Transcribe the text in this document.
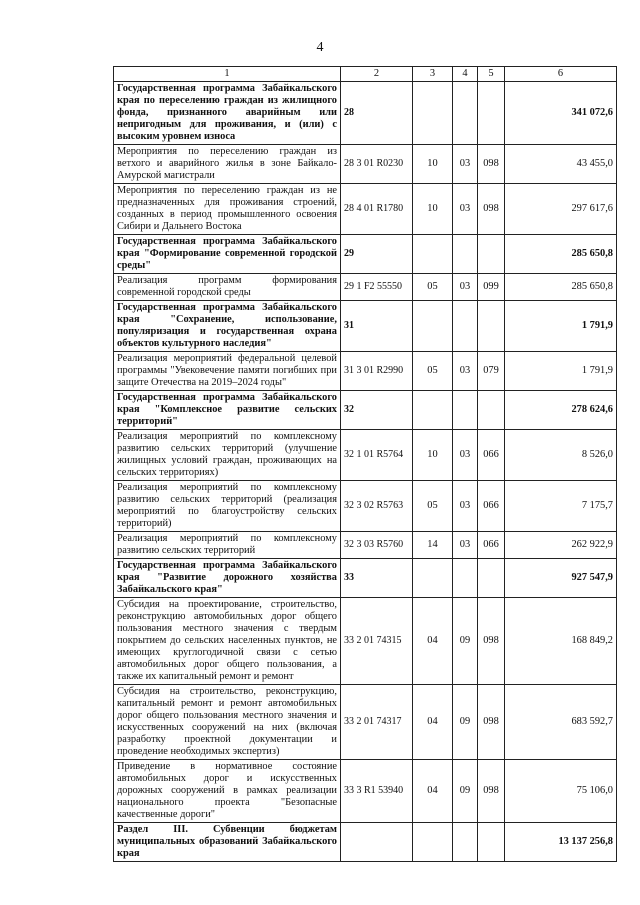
4
1	2	3	4	5	6
Государственная программа Забайкальского края по переселению граждан из жилищного фонда, признанного аварийным или непригодным для проживания, и (или) с высоким уровнем износа	28				341 072,6
Мероприятия по переселению граждан из ветхого и аварийного жилья в зоне Байкало-Амурской магистрали	28 3 01 R0230	10	03	098	43 455,0
Мероприятия по переселению граждан из не предназначенных для проживания строений, созданных в период промышленного освоения Сибири и Дальнего Востока	28 4 01 R1780	10	03	098	297 617,6
Государственная программа Забайкальского края "Формирование современной городской среды"	29				285 650,8
Реализация программ формирования современной городской среды	29 1 F2 55550	05	03	099	285 650,8
Государственная программа Забайкальского края "Сохранение, использование, популяризация и государственная охрана объектов культурного наследия"	31				1 791,9
Реализация мероприятий федеральной целевой программы "Увековечение памяти погибших при защите Отечества на 2019–2024 годы"	31 3 01 R2990	05	03	079	1 791,9
Государственная программа Забайкальского края "Комплексное развитие сельских территорий"	32				278 624,6
Реализация мероприятий по комплексному развитию сельских территорий (улучшение жилищных условий граждан, проживающих на сельских территориях)	32 1 01 R5764	10	03	066	8 526,0
Реализация мероприятий по комплексному развитию сельских территорий (реализация мероприятий по благоустройству сельских территорий)	32 3 02 R5763	05	03	066	7 175,7
Реализация мероприятий по комплексному развитию сельских территорий	32 3 03 R5760	14	03	066	262 922,9
Государственная программа Забайкальского края "Развитие дорожного хозяйства Забайкальского края"	33				927 547,9
Субсидия на проектирование, строительство, реконструкцию автомобильных дорог общего пользования местного значения с твердым покрытием до сельских населенных пунктов, не имеющих круглогодичной связи с сетью автомобильных дорог общего пользования, а также их капитальный ремонт и ремонт	33 2 01 74315	04	09	098	168 849,2
Субсидия на строительство, реконструкцию, капитальный ремонт и ремонт автомобильных дорог общего пользования местного значения и искусственных сооружений на них (включая разработку проектной документации и проведение необходимых экспертиз)	33 2 01 74317	04	09	098	683 592,7
Приведение в нормативное состояние автомобильных дорог и искусственных дорожных сооружений в рамках реализации национального проекта "Безопасные качественные дороги"	33 3 R1 53940	04	09	098	75 106,0
Раздел III. Субвенции бюджетам муниципальных образований Забайкальского края					13 137 256,8
